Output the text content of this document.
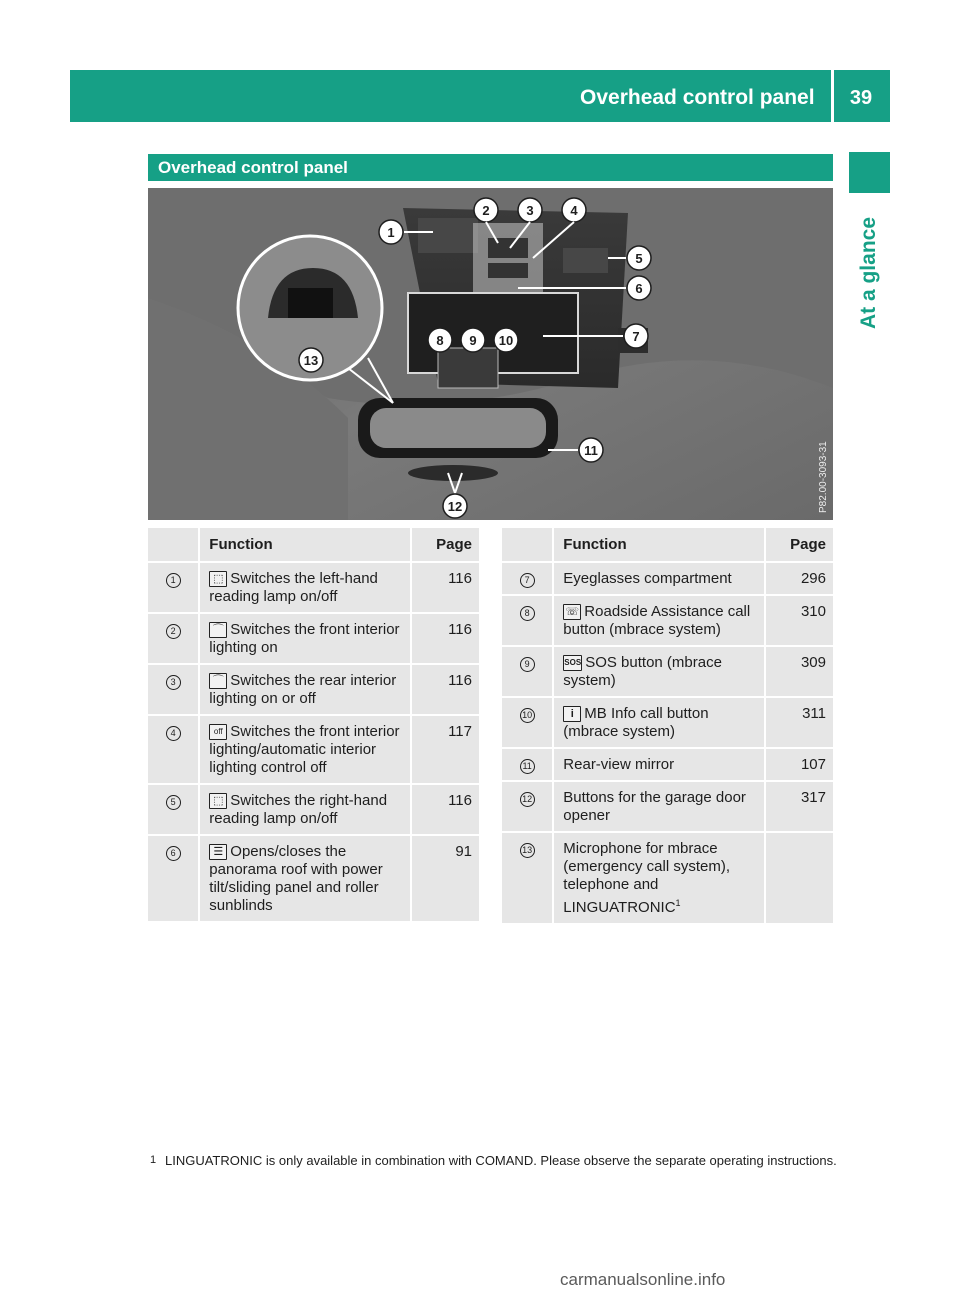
Overhead control panel 39
At a glance
Overhead control panel
1
2	3	4
5
6
7
8 9 10
11
12
13
P82.00-3093-31
	Function	Page
1	⬚ Switches the left-hand reading lamp on/off	116
2	⌒ Switches the front interior lighting on	116
3	⌒ Switches the rear interior lighting on or off	116
4	off Switches the front interior lighting/automatic interior lighting control off	117
5	⬚ Switches the right-hand reading lamp on/off	116
6	☰ Opens/closes the panorama roof with power tilt/sliding panel and roller sunblinds	91
	Function	Page
7	Eyeglasses compartment	296
8	☏ Roadside Assistance call button (mbrace system)	310
9	SOS SOS button (mbrace system)	309
10	i MB Info call button (mbrace system)	311
11	Rear-view mirror	107
12	Buttons for the garage door opener	317
13	Microphone for mbrace (emergency call system), telephone and LINGUATRONIC$^1$	
1 LINGUATRONIC is only available in combination with COMAND. Please observe the separate operating instructions.
carmanualsonline.info
